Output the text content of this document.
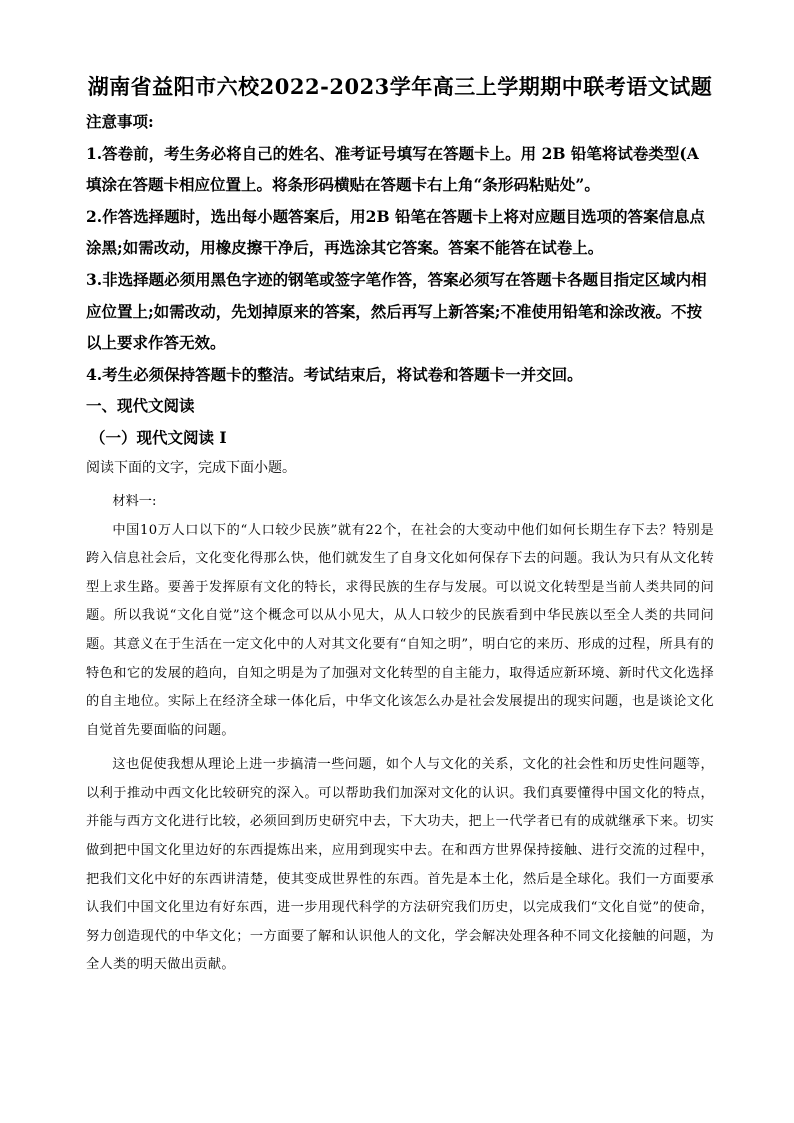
湖南省益阳市六校2022-2023学年高三上学期期中联考语文试题

注意事项:

1.答卷前，考生务必将自己的姓名、准考证号填写在答题卡上。用 2B 铅笔将试卷类型(A填涂在答题卡相应位置上。将条形码横贴在答题卡右上角“条形码粘贴处”。

2.作答选择题时，选出每小题答案后，用2B 铅笔在答题卡上将对应题目选项的答案信息点涂黑;如需改动，用橡皮擦干净后，再选涂其它答案。答案不能答在试卷上。

3.非选择题必须用黑色字迹的钢笔或签字笔作答，答案必须写在答题卡各题目指定区域内相应位置上;如需改动，先划掉原来的答案，然后再写上新答案;不准使用铅笔和涂改液。不按以上要求作答无效。

4.考生必须保持答题卡的整洁。考试结束后，将试卷和答题卡一并交回。

一、现代文阅读

（一）现代文阅读 I

阅读下面的文字，完成下面小题。

材料一:

中国10万人口以下的“人口较少民族”就有22个，在社会的大变动中他们如何长期生存下去？特别是跨入信息社会后，文化变化得那么快，他们就发生了自身文化如何保存下去的问题。我认为只有从文化转型上求生路。要善于发挥原有文化的特长，求得民族的生存与发展。可以说文化转型是当前人类共同的问题。所以我说“文化自觉”这个概念可以从小见大，从人口较少的民族看到中华民族以至全人类的共同问题。其意义在于生活在一定文化中的人对其文化要有“自知之明”，明白它的来历、形成的过程，所具有的特色和它的发展的趋向，自知之明是为了加强对文化转型的自主能力，取得适应新环境、新时代文化选择的自主地位。实际上在经济全球一体化后，中华文化该怎么办是社会发展提出的现实问题，也是谈论文化自觉首先要面临的问题。

这也促使我想从理论上进一步搞清一些问题，如个人与文化的关系，文化的社会性和历史性问题等，以利于推动中西文化比较研究的深入。可以帮助我们加深对文化的认识。我们真要懂得中国文化的特点，并能与西方文化进行比较，必须回到历史研究中去，下大功夫，把上一代学者已有的成就继承下来。切实做到把中国文化里边好的东西提炼出来，应用到现实中去。在和西方世界保持接触、进行交流的过程中，把我们文化中好的东西讲清楚，使其变成世界性的东西。首先是本土化，然后是全球化。我们一方面要承认我们中国文化里边有好东西，进一步用现代科学的方法研究我们历史，以完成我们“文化自觉”的使命，努力创造现代的中华文化；一方面要了解和认识他人的文化，学会解决处理各种不同文化接触的问题，为全人类的明天做出贡献。
